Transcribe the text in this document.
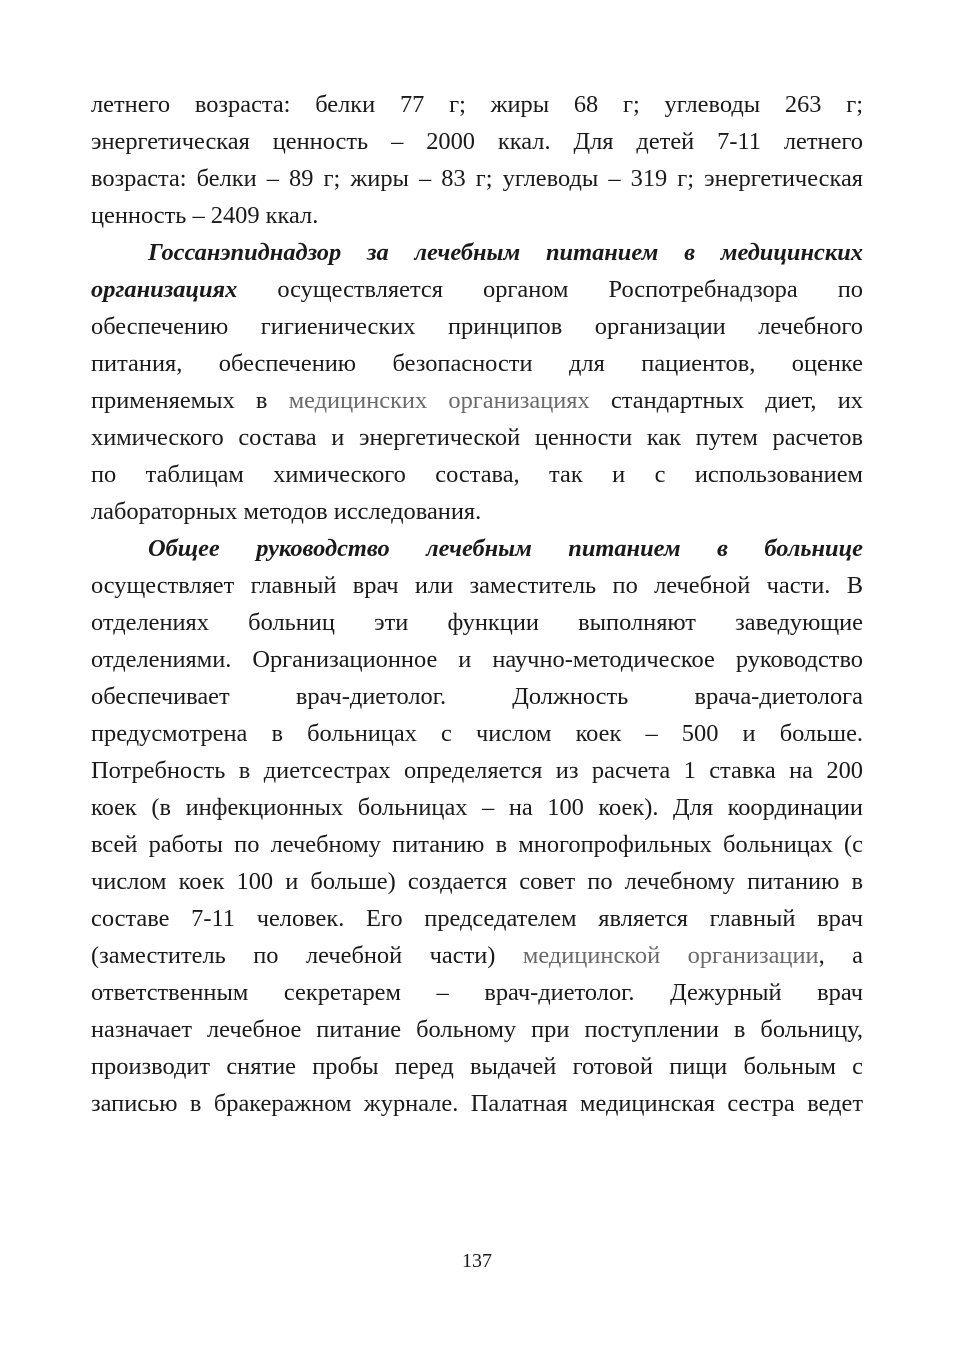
летнего возраста: белки 77 г; жиры 68 г; углеводы 263 г;
энергетическая ценность – 2000 ккал. Для детей 7-11 летнего
возраста: белки – 89 г; жиры – 83 г; углеводы – 319 г; энергетическая
ценность – 2409 ккал.
Госсанэпиднадзор за лечебным питанием в медицинских
организациях осуществляется органом Роспотребнадзора по
обеспечению гигиенических принципов организации лечебного
питания, обеспечению безопасности для пациентов, оценке
применяемых в медицинских организациях стандартных диет, их
химического состава и энергетической ценности как путем расчетов
по таблицам химического состава, так и с использованием
лабораторных методов исследования.
Общее руководство лечебным питанием в больнице
осуществляет главный врач или заместитель по лечебной части. В
отделениях больниц эти функции выполняют заведующие
отделениями. Организационное и научно-методическое руководство
обеспечивает врач-диетолог. Должность врача-диетолога
предусмотрена в больницах с числом коек – 500 и больше.
Потребность в диетсестрах определяется из расчета 1 ставка на 200
коек (в инфекционных больницах – на 100 коек). Для координации
всей работы по лечебному питанию в многопрофильных больницах (с
числом коек 100 и больше) создается совет по лечебному питанию в
составе 7-11 человек. Его председателем является главный врач
(заместитель по лечебной части) медицинской организации, а
ответственным секретарем – врач-диетолог. Дежурный врач
назначает лечебное питание больному при поступлении в больницу,
производит снятие пробы перед выдачей готовой пищи больным с
записью в бракеражном журнале. Палатная медицинская сестра ведет
137
